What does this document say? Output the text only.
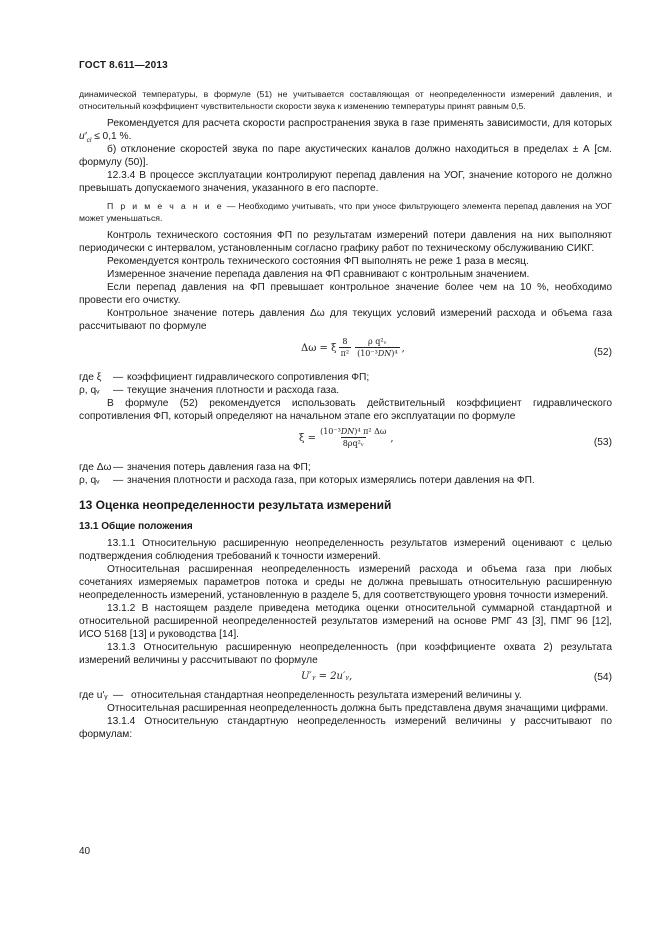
ГОСТ 8.611—2013

динамической температуры, в формуле (51) не учитывается составляющая от неопределенности измерений давления, и относительный коэффициент чувствительности скорости звука к изменению температуры принят равным 0,5.

Рекомендуется для расчета скорости распространения звука в газе применять зависимости, для которых $u'_{cl} \le 0,1$ %.

б) отклонение скоростей звука по паре акустических каналов должно находиться в пределах ± А [см. формулу (50)].

12.3.4 В процессе эксплуатации контролируют перепад давления на УОГ, значение которого не должно превышать допускаемого значения, указанного в его паспорте.

П р и м е ч а н и е — Необходимо учитывать, что при уносе фильтрующего элемента перепад давления на УОГ может уменьшаться.

Контроль технического состояния ФП по результатам измерений потери давления на них выполняют периодически с интервалом, установленным согласно графику работ по техническому обслуживанию СИКГ.

Рекомендуется контроль технического состояния ФП выполнять не реже 1 раза в месяц.

Измеренное значение перепада давления на ФП сравнивают с контрольным значением.

Если перепад давления на ФП превышает контрольное значение более чем на 10 %, необходимо провести его очистку.

Контрольное значение потерь давления Δω для текущих условий измерений расхода и объема газа рассчитывают по формуле

Δω = ξ $\frac{8}{\text{π²}} \frac{\text{ρ q²ᵥ}}{\text{(10⁻³DN)⁴}}$ ,	(52)
где ξ	— коэффициент гидравлического сопротивления ФП;
ρ, qᵥ	— текущие значения плотности и расхода газа.

В формуле (52) рекомендуется использовать действительный коэффициент гидравлического сопротивления ФП, который определяют на начальном этапе его эксплуатации по формуле

$\xi = \frac{\text{(10⁻³DN)⁴ π² Δω}}{\text{8ρq²ᵥ}}$ ,	(53)
где Δω — значения потерь давления газа на ФП;
ρ, qᵥ	— значения плотности и расхода газа, при которых измерялись потери давления на ФП.
13 Оценка неопределенности результата измерений
13.1 Общие положения

13.1.1 Относительную расширенную неопределенность результатов измерений оценивают с целью подтверждения соблюдения требований к точности измерений.

Относительная расширенная неопределенность измерений расхода и объема газа при любых сочетаниях измеряемых параметров потока и среды не должна превышать относительную расширенную неопределенность измерений, установленную в разделе 5, для соответствующего уровня точности измерений.

13.1.2 В настоящем разделе приведена методика оценки относительной суммарной стандартной и относительной расширенной неопределенностей результатов измерений на основе РМГ 43 [3], ПМГ 96 [12], ИСО 5168 [13] и руководства [14].

13.1.3 Относительную расширенную неопределенность (при коэффициенте охвата 2) результата измерений величины у рассчитывают по формуле

U′ᵧ = 2u′ᵧ,	(54)
где u′ᵧ — относительная стандартная неопределенность результата измерений величины у.

Относительная расширенная неопределенность должна быть представлена двумя значащими цифрами.

13.1.4 Относительную стандартную неопределенность измерений величины у рассчитывают по формулам:

40
